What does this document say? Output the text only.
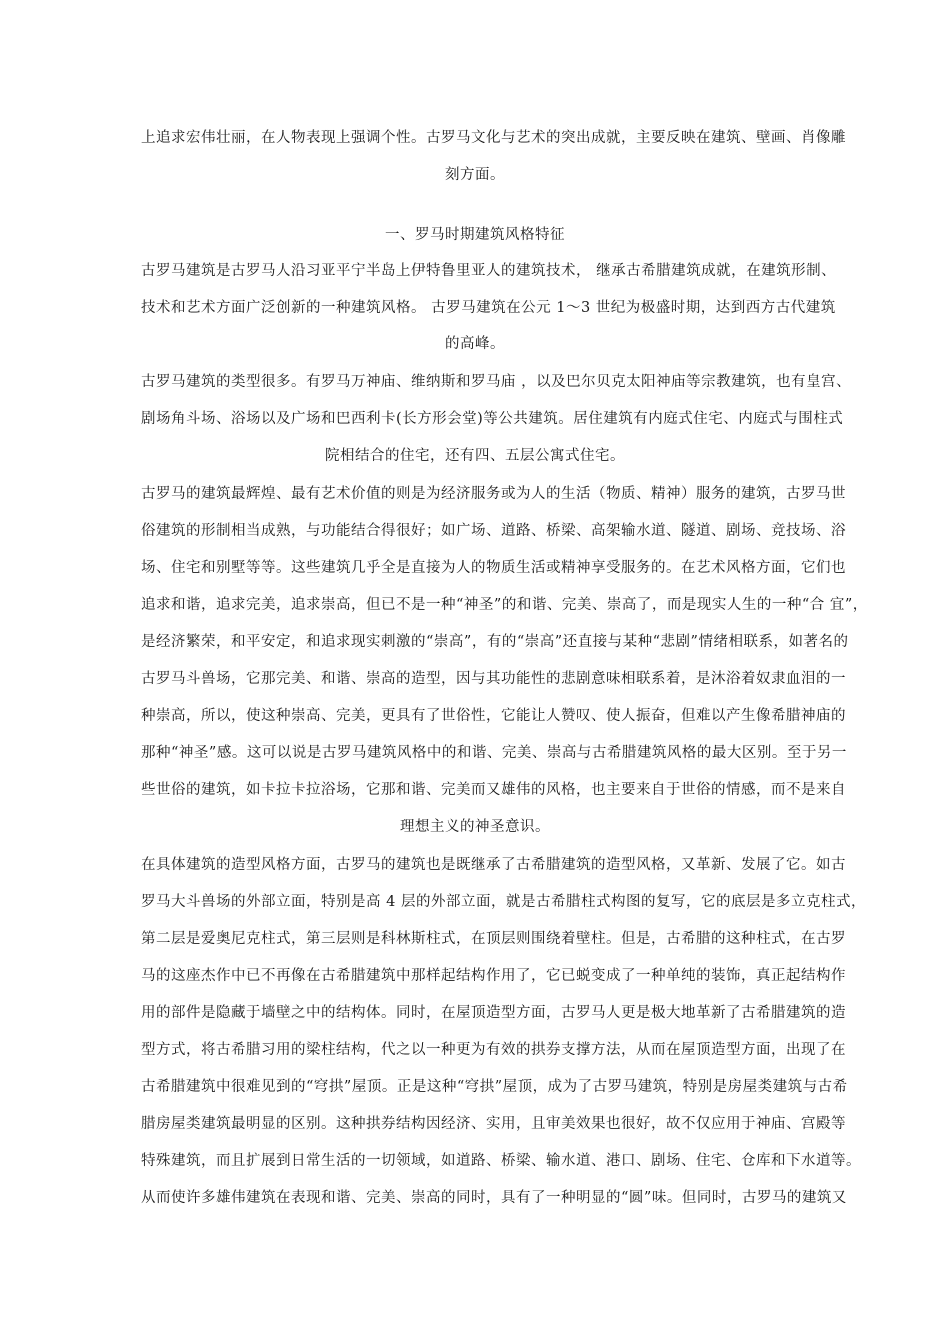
上追求宏伟壮丽，在人物表现上强调个性。古罗马文化与艺术的突出成就，主要反映在建筑、壁画、肖像雕
刻方面。
一、罗马时期建筑风格特征
古罗马建筑是古罗马人沿习亚平宁半岛上伊特鲁里亚人的建筑技术， 继承古希腊建筑成就，在建筑形制、
技术和艺术方面广泛创新的一种建筑风格。 古罗马建筑在公元 1～3 世纪为极盛时期，达到西方古代建筑
的高峰。
古罗马建筑的类型很多。有罗马万神庙、维纳斯和罗马庙 ，以及巴尔贝克太阳神庙等宗教建筑，也有皇宫、
剧场角斗场、浴场以及广场和巴西利卡(长方形会堂)等公共建筑。居住建筑有内庭式住宅、内庭式与围柱式
院相结合的住宅，还有四、五层公寓式住宅。
古罗马的建筑最辉煌、最有艺术价值的则是为经济服务或为人的生活（物质、精神）服务的建筑，古罗马世
俗建筑的形制相当成熟，与功能结合得很好；如广场、道路、桥梁、高架输水道、隧道、剧场、竞技场、浴
场、住宅和别墅等等。这些建筑几乎全是直接为人的物质生活或精神享受服务的。在艺术风格方面，它们也
追求和谐，追求完美，追求崇高，但已不是一种“神圣”的和谐、完美、崇高了，而是现实人生的一种“合 宜”，
是经济繁荣，和平安定，和追求现实刺激的“崇高”，有的“崇高”还直接与某种“悲剧”情绪相联系，如著名的
古罗马斗兽场，它那完美、和谐、崇高的造型，因与其功能性的悲剧意味相联系着，是沐浴着奴隶血泪的一
种崇高，所以，使这种崇高、完美，更具有了世俗性，它能让人赞叹、使人振奋，但难以产生像希腊神庙的
那种“神圣”感。这可以说是古罗马建筑风格中的和谐、完美、崇高与古希腊建筑风格的最大区别。至于另一
些世俗的建筑，如卡拉卡拉浴场，它那和谐、完美而又雄伟的风格，也主要来自于世俗的情感，而不是来自
理想主义的神圣意识。
在具体建筑的造型风格方面，古罗马的建筑也是既继承了古希腊建筑的造型风格，又革新、发展了它。如古
罗马大斗兽场的外部立面，特别是高 4 层的外部立面，就是古希腊柱式构图的复写，它的底层是多立克柱式，
第二层是爱奥尼克柱式，第三层则是科林斯柱式，在顶层则围绕着壁柱。但是，古希腊的这种柱式，在古罗
马的这座杰作中已不再像在古希腊建筑中那样起结构作用了，它已蜕变成了一种单纯的装饰，真正起结构作
用的部件是隐藏于墙壁之中的结构体。同时，在屋顶造型方面，古罗马人更是极大地革新了古希腊建筑的造
型方式，将古希腊习用的梁柱结构，代之以一种更为有效的拱券支撑方法，从而在屋顶造型方面，出现了在
古希腊建筑中很难见到的“穹拱”屋顶。正是这种“穹拱”屋顶，成为了古罗马建筑，特别是房屋类建筑与古希
腊房屋类建筑最明显的区别。这种拱券结构因经济、实用，且审美效果也很好，故不仅应用于神庙、宫殿等
特殊建筑，而且扩展到日常生活的一切领域，如道路、桥梁、输水道、港口、剧场、住宅、仓库和下水道等。
从而使许多雄伟建筑在表现和谐、完美、崇高的同时，具有了一种明显的“圆”味。但同时，古罗马的建筑又
